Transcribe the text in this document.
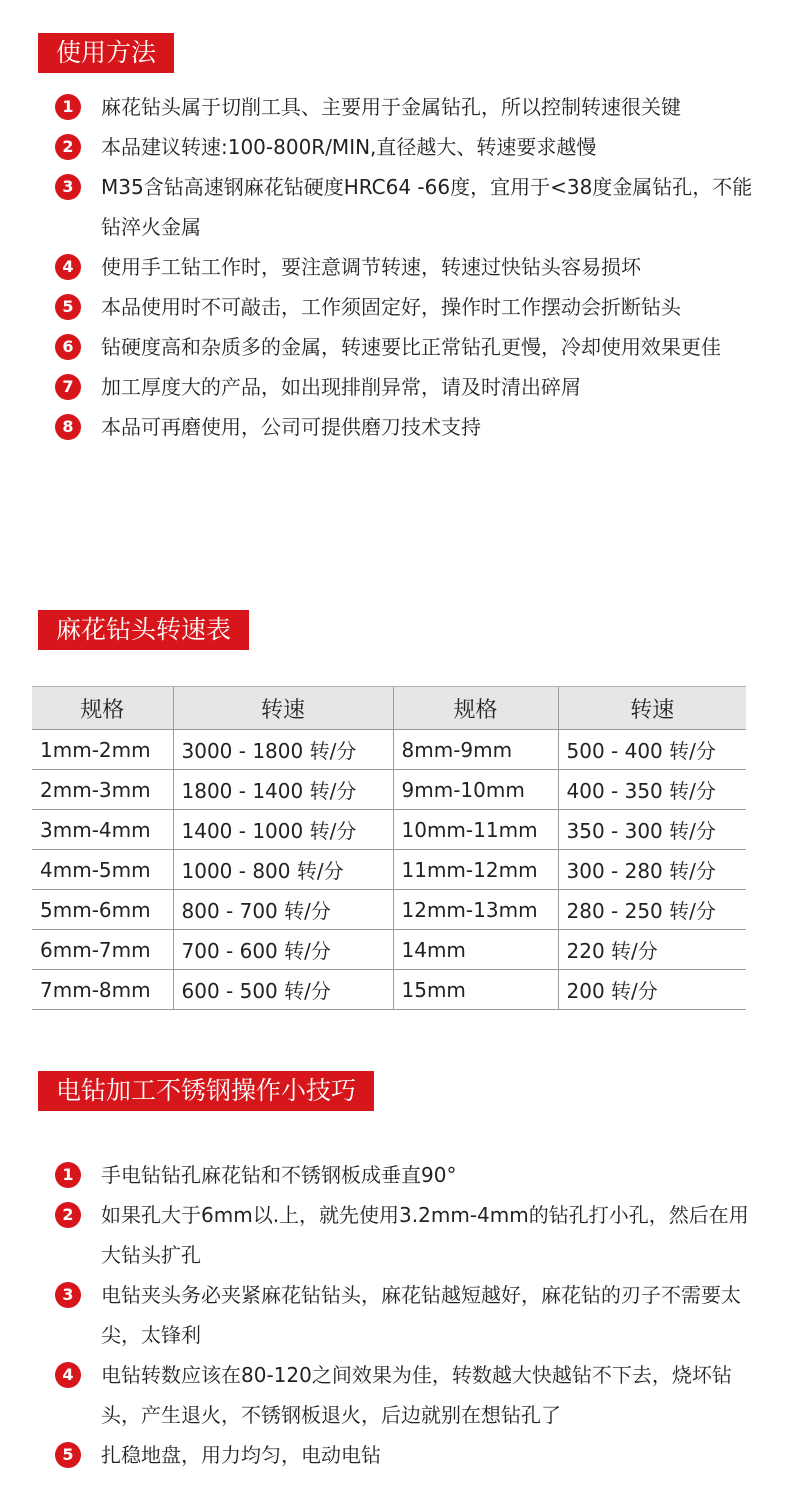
使用方法
1	麻花钻头属于切削工具、主要用于金属钻孔，所以控制转速很关键
2	本品建议转速:100-800R/MIN,直径越大、转速要求越慢
3	M35含钻高速钢麻花钻硬度HRC64 -66度，宜用于<38度金属钻孔，不能钻淬火金属
4	使用手工钻工作时，要注意调节转速，转速过快钻头容易损坏
5	本品使用时不可敲击，工作须固定好，操作时工作摆动会折断钻头
6	钻硬度高和杂质多的金属，转速要比正常钻孔更慢，冷却使用效果更佳
7	加工厚度大的产品，如出现排削异常，请及时清出碎屑
8	本品可再磨使用，公司可提供磨刀技术支持
麻花钻头转速表
规格	转速	规格	转速
1mm-2mm	3000 - 1800 转/分	8mm-9mm	500 - 400 转/分
2mm-3mm	1800 - 1400 转/分	9mm-10mm	400 - 350 转/分
3mm-4mm	1400 - 1000 转/分	10mm-11mm	350 - 300 转/分
4mm-5mm	1000 - 800 转/分	11mm-12mm	300 - 280 转/分
5mm-6mm	800 - 700 转/分	12mm-13mm	280 - 250 转/分
6mm-7mm	700 - 600 转/分	14mm	220 转/分
7mm-8mm	600 - 500 转/分	15mm	200 转/分
电钻加工不锈钢操作小技巧
1	手电钻钻孔麻花钻和不锈钢板成垂直90°
2	如果孔大于6mm以.上，就先使用3.2mm-4mm的钻孔打小孔，然后在用大钻头扩孔
3	电钻夹头务必夹紧麻花钻钻头，麻花钻越短越好，麻花钻的刃子不需要太尖，太锋利
4	电钻转数应该在80-120之间效果为佳，转数越大快越钻不下去，烧坏钻头，产生退火，不锈钢板退火，后边就别在想钻孔了
5	扎稳地盘，用力均匀，电动电钻
